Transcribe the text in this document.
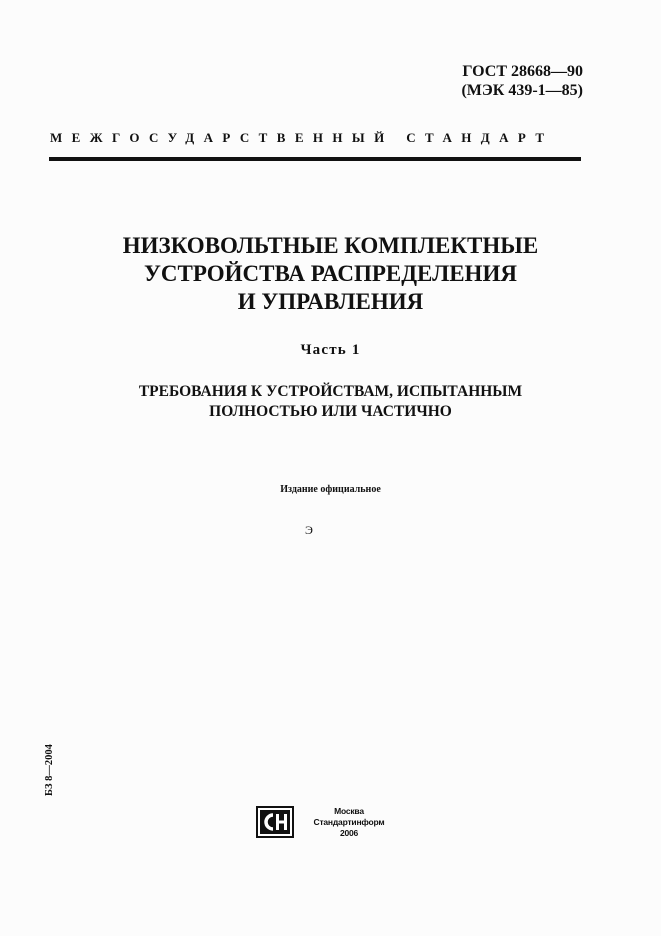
ГОСТ 28668—90
(МЭК 439-1—85)
МЕЖГОСУДАРСТВЕННЫЙ СТАНДАРТ
НИЗКОВОЛЬТНЫЕ КОМПЛЕКТНЫЕ
УСТРОЙСТВА РАСПРЕДЕЛЕНИЯ
И УПРАВЛЕНИЯ
Часть 1
ТРЕБОВАНИЯ К УСТРОЙСТВАМ, ИСПЫТАННЫМ
ПОЛНОСТЬЮ ИЛИ ЧАСТИЧНО
Издание официальное
Э
БЗ 8—2004
Москва
Стандартинформ
2006
